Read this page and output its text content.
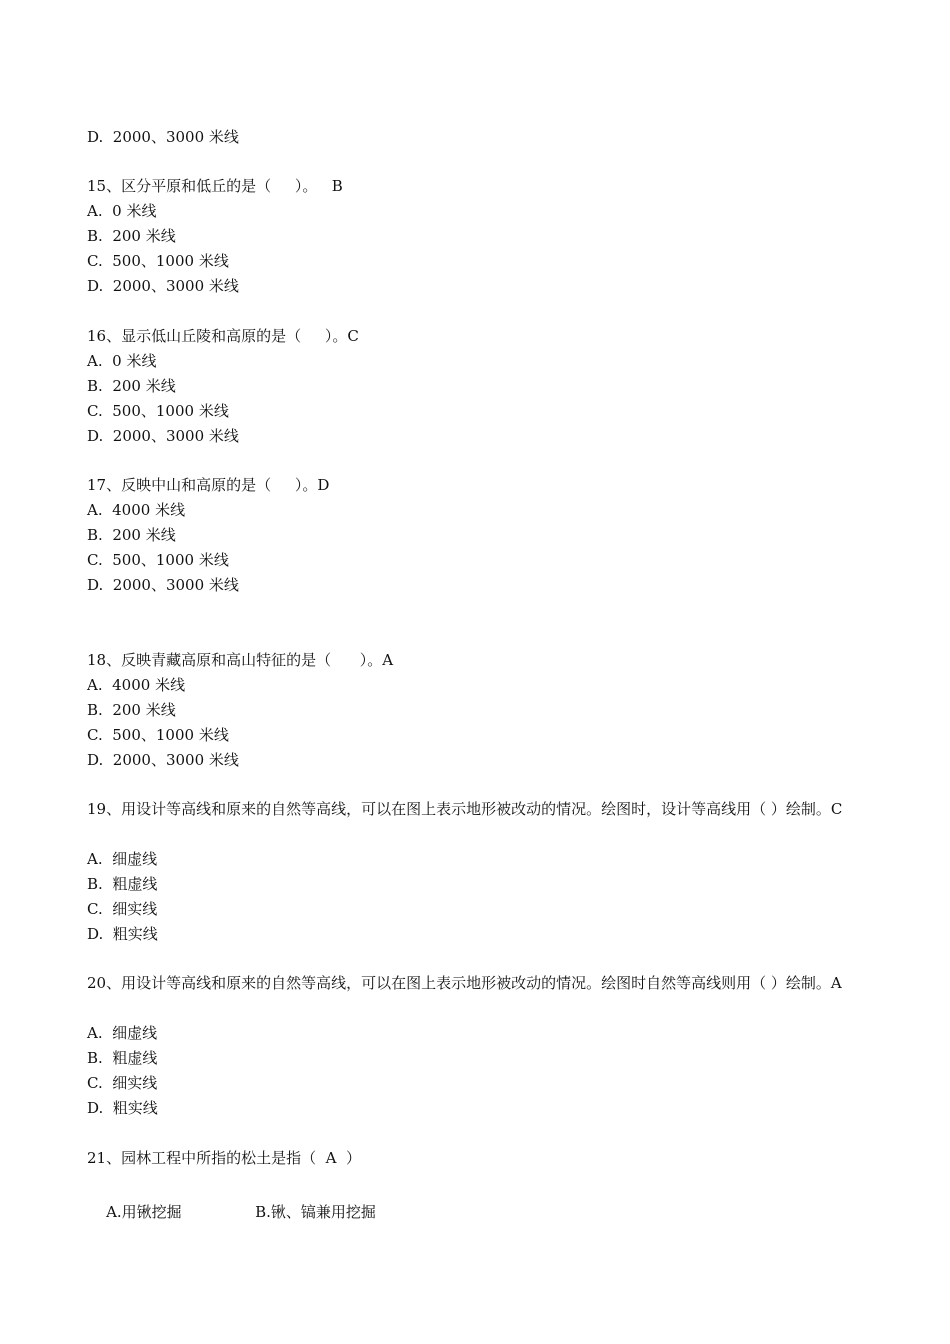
D.  2000、3000 米线
15、区分平原和低丘的是（     ）。   B
A.  0 米线
B.  200 米线
C.  500、1000 米线
D.  2000、3000 米线
16、显示低山丘陵和高原的是（     ）。C
A.  0 米线
B.  200 米线
C.  500、1000 米线
D.  2000、3000 米线
17、反映中山和高原的是（     ）。D
A.  4000 米线
B.  200 米线
C.  500、1000 米线
D.  2000、3000 米线
18、反映青藏高原和高山特征的是（      ）。A
A.  4000 米线
B.  200 米线
C.  500、1000 米线
D.  2000、3000 米线
19、用设计等高线和原来的自然等高线，可以在图上表示地形被改动的情况。绘图时，设计等高线用（ ）绘制。C
A.  细虚线
B.  粗虚线
C.  细实线
D.  粗实线
20、用设计等高线和原来的自然等高线，可以在图上表示地形被改动的情况。绘图时自然等高线则用（ ）绘制。A
A.  细虚线
B.  粗虚线
C.  细实线
D.  粗实线
21、园林工程中所指的松土是指（  A  ）

A.用锹挖掘	B.锹、镐兼用挖掘
